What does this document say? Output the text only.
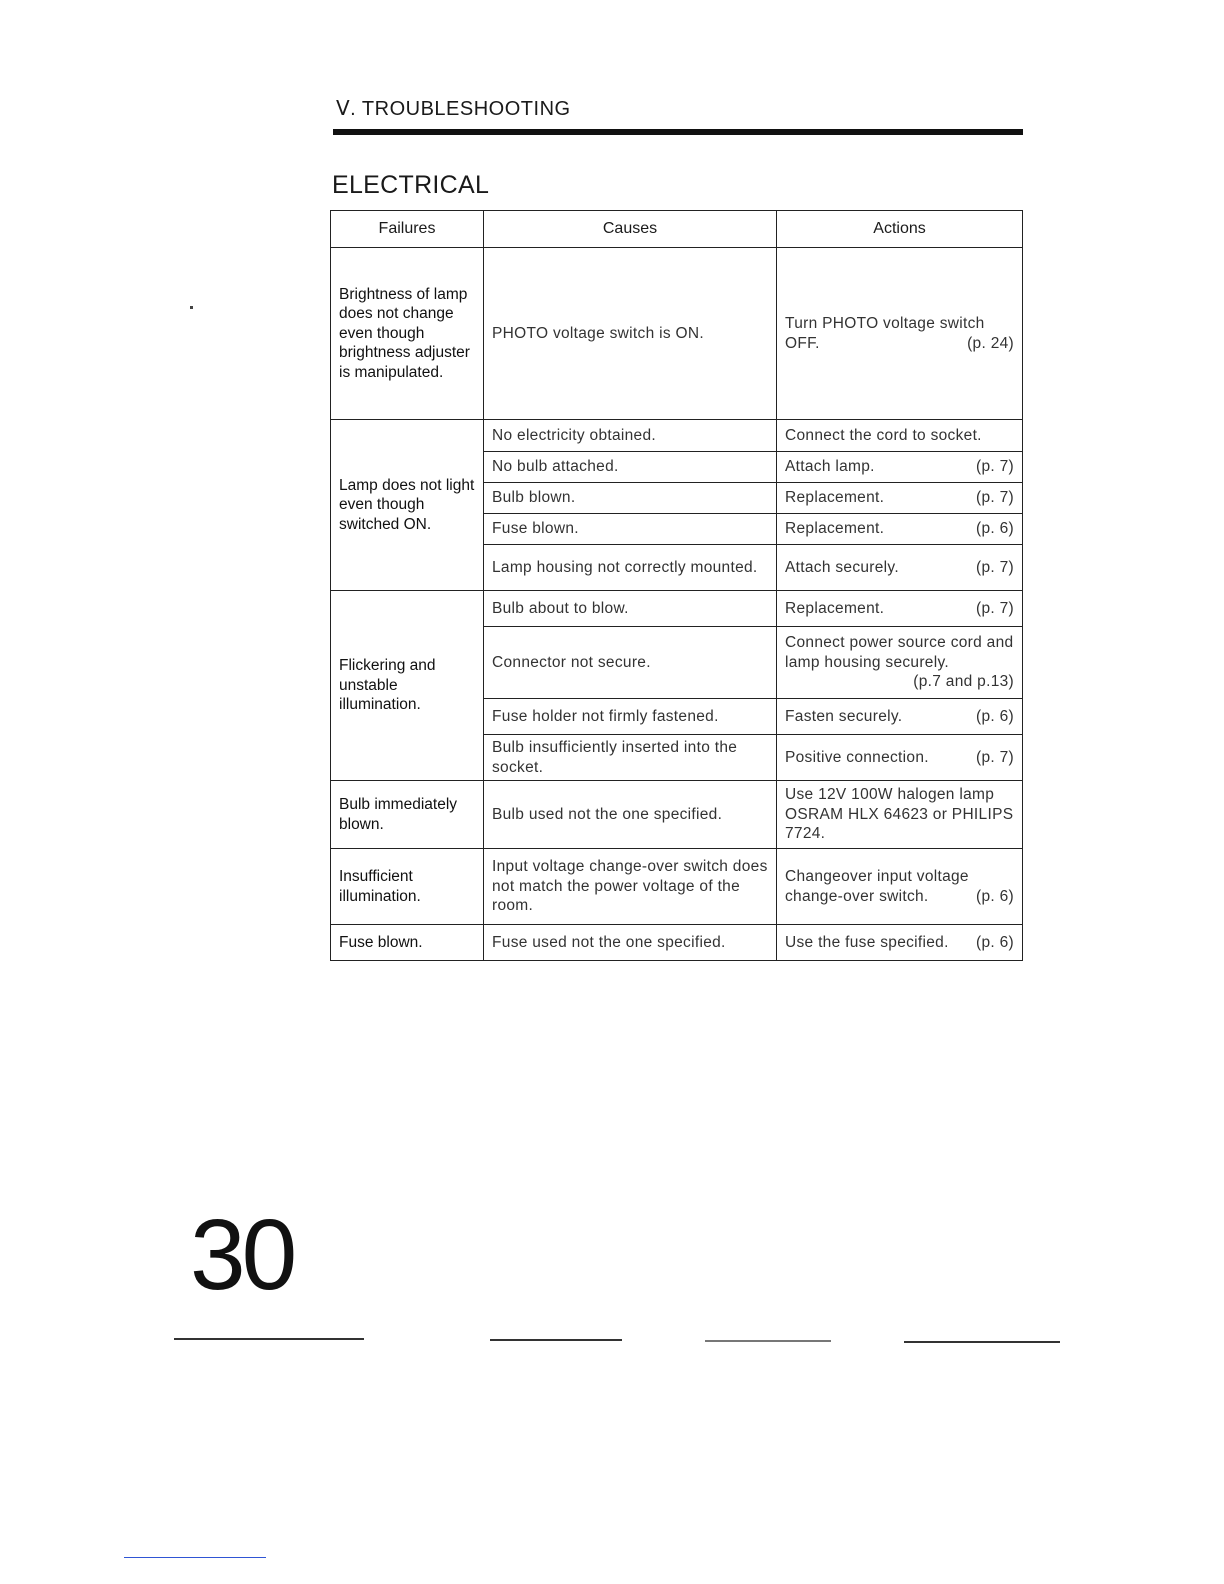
Ⅴ. TROUBLESHOOTING
ELECTRICAL
Failures	Causes	Actions
Brightness of lamp does not change even though brightness adjuster is manipulated.	PHOTO voltage switch is ON.	Turn PHOTO voltage switch
OFF. (p. 24)

Lamp does not light even though switched ON.	No electricity obtained.	Connect the cord to socket.

	No bulb attached.	Attach lamp. (p. 7)

	Bulb blown.	Replacement. (p. 7)

	Fuse blown.	Replacement. (p. 6)

	Lamp housing not correctly mounted.	Attach securely. (p. 7)

Flickering and unstable illumination.	Bulb about to blow.	Replacement. (p. 7)

	Connector not secure.	Connect power source cord and lamp housing securely.
(p.7 and p.13)

	Fuse holder not firmly fastened.	Fasten securely. (p. 6)

	Bulb insufficiently inserted into the socket.	Positive connection. (p. 7)

Bulb immediately blown.	Bulb used not the one specified.	Use 12V 100W halogen lamp OSRAM HLX 64623 or PHILIPS 7724.
Insufficient illumination.	Input voltage change-over switch does not match the power voltage of the room.	Changeover input voltage
change-over switch. (p. 6)

Fuse blown.	Fuse used not the one specified.	Use the fuse specified. (p. 6)
30
